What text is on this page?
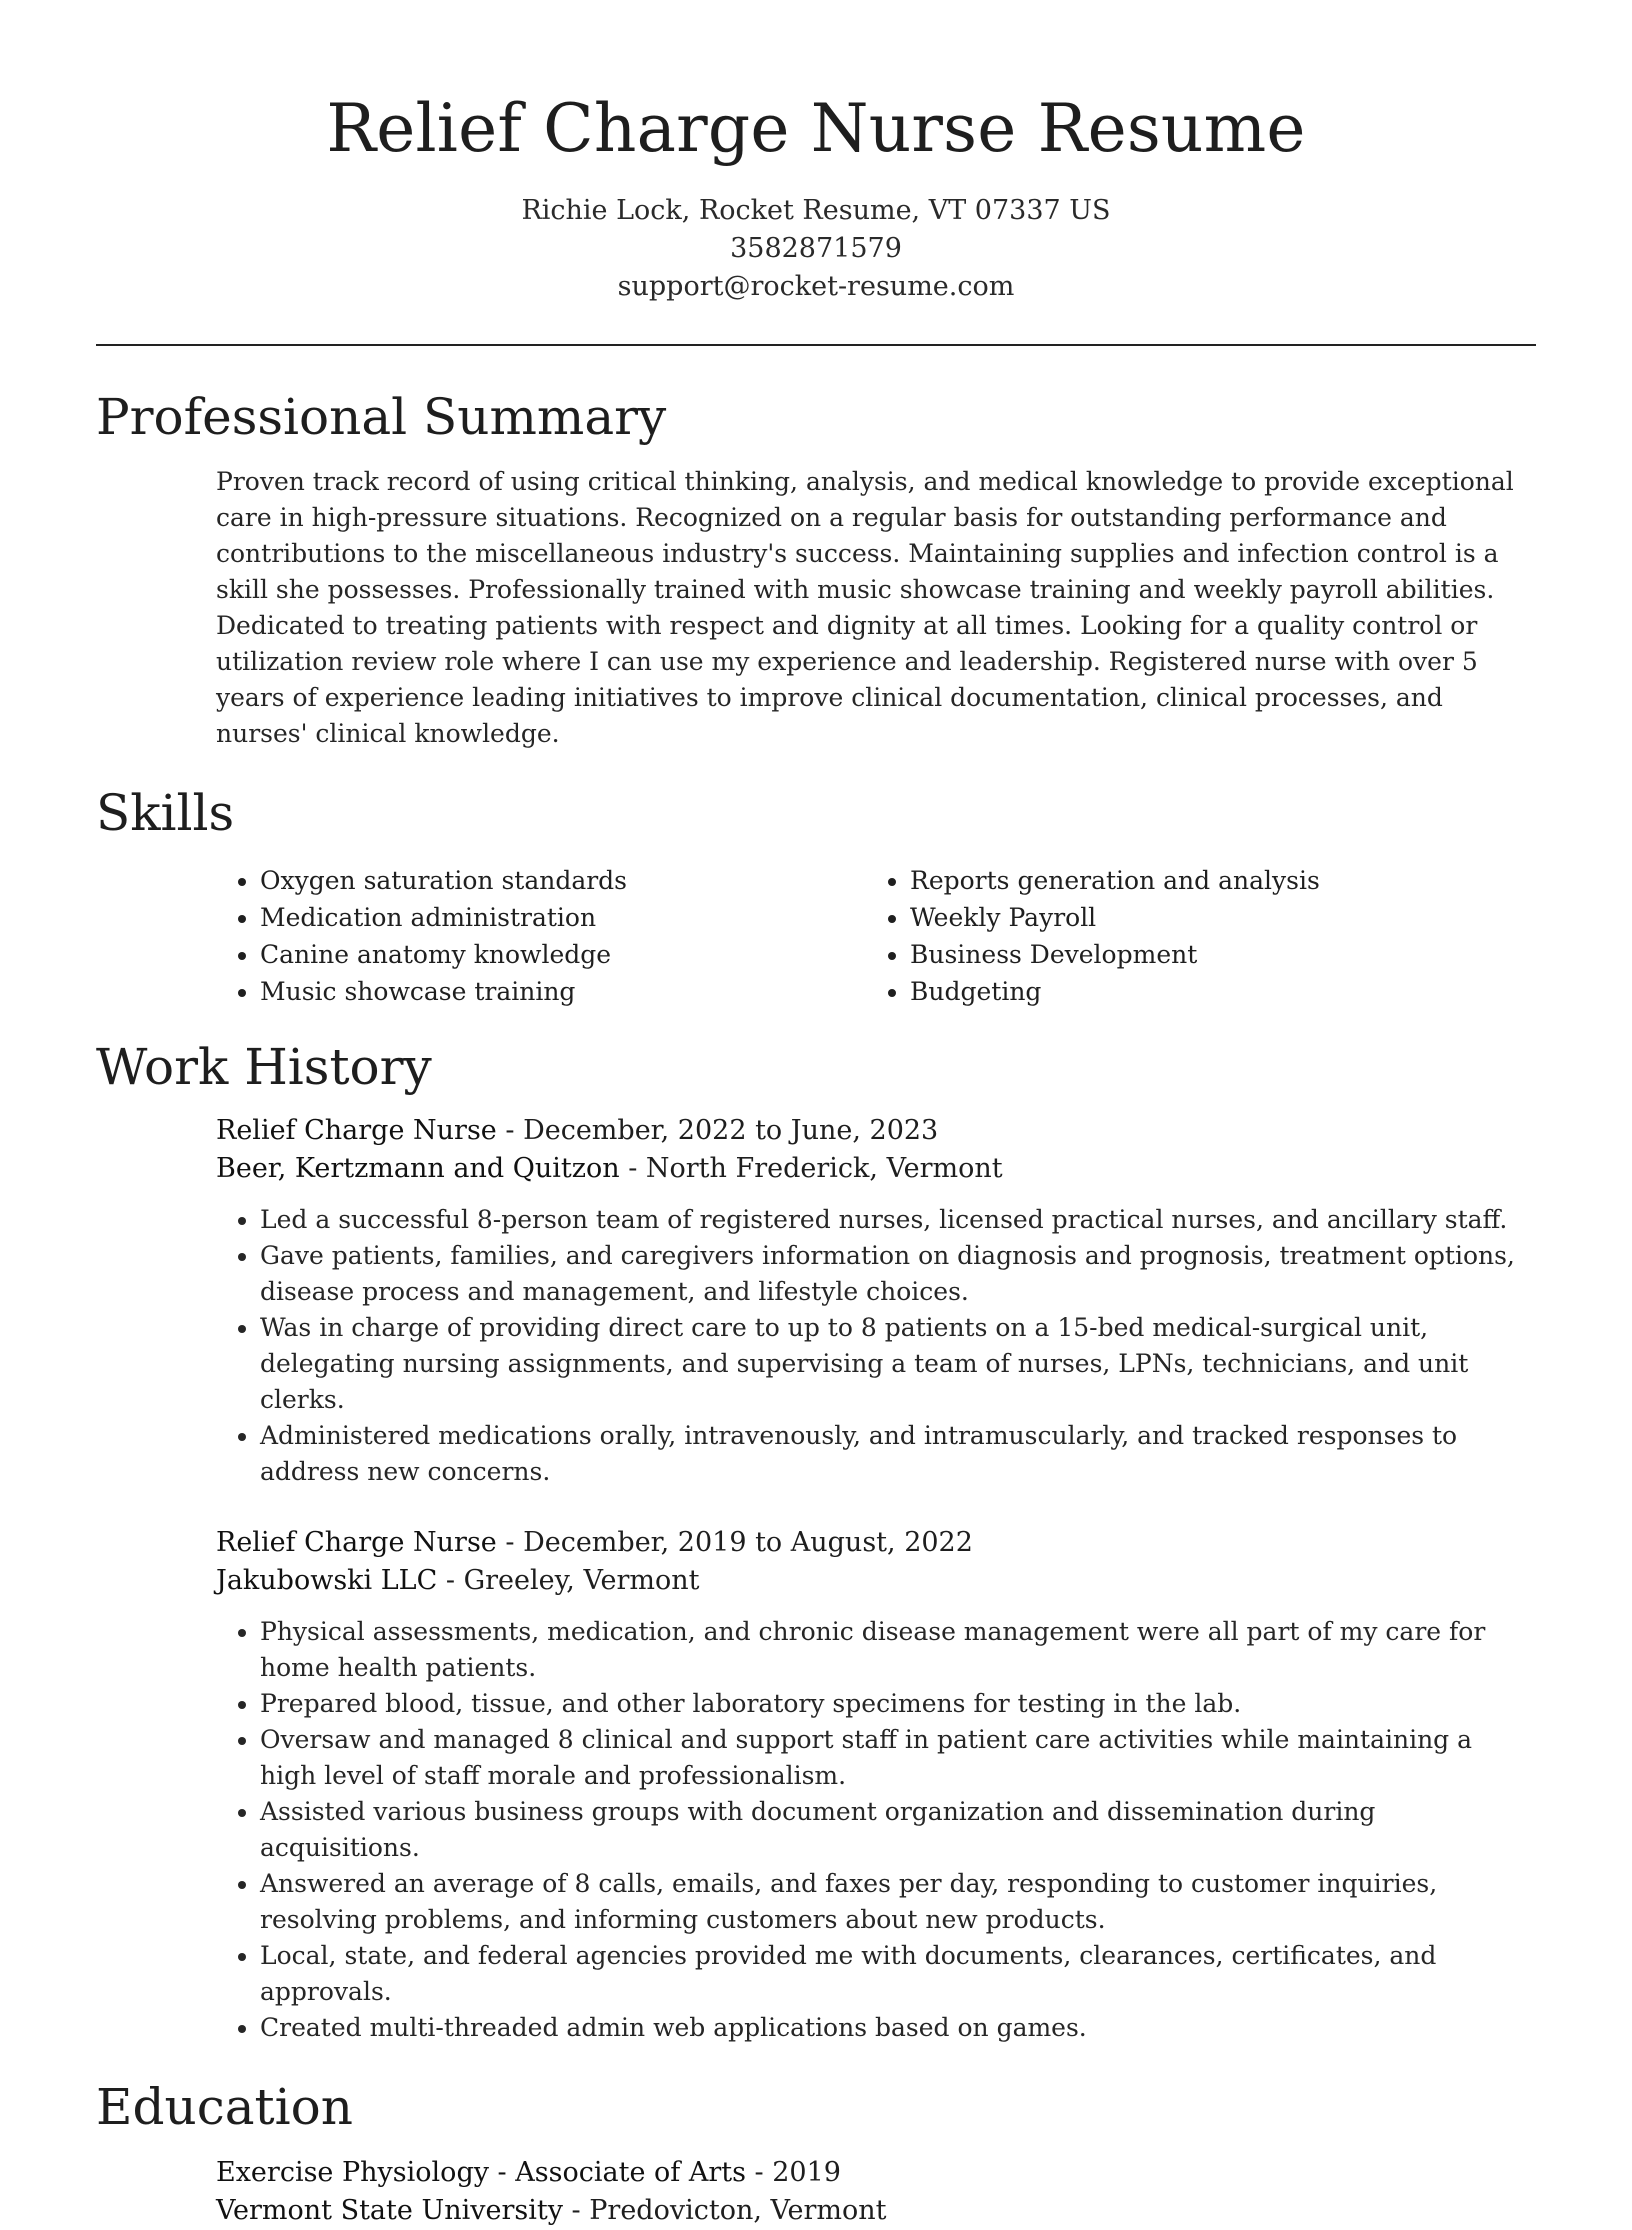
Relief Charge Nurse Resume
Richie Lock, Rocket Resume, VT 07337 US
3582871579
support@rocket-resume.com
Professional Summary

Proven track record of using critical thinking, analysis, and medical knowledge to provide exceptional care in high-pressure situations. Recognized on a regular basis for outstanding performance and contributions to the miscellaneous industry's success. Maintaining supplies and infection control is a skill she possesses. Professionally trained with music showcase training and weekly payroll abilities. Dedicated to treating patients with respect and dignity at all times. Looking for a quality control or utilization review role where I can use my experience and leadership. Registered nurse with over 5 years of experience leading initiatives to improve clinical documentation, clinical processes, and nurses' clinical knowledge.

Skills
• Oxygen saturation standards
• Medication administration
• Canine anatomy knowledge
• Music showcase training
• Reports generation and analysis
• Weekly Payroll
• Business Development
• Budgeting
Work History
Relief Charge Nurse - December, 2022 to June, 2023
Beer, Kertzmann and Quitzon - North Frederick, Vermont
• Led a successful 8-person team of registered nurses, licensed practical nurses, and ancillary staff.
• Gave patients, families, and caregivers information on diagnosis and prognosis, treatment options, disease process and management, and lifestyle choices.
• Was in charge of providing direct care to up to 8 patients on a 15-bed medical-surgical unit, delegating nursing assignments, and supervising a team of nurses, LPNs, technicians, and unit clerks.
• Administered medications orally, intravenously, and intramuscularly, and tracked responses to address new concerns.
Relief Charge Nurse - December, 2019 to August, 2022
Jakubowski LLC - Greeley, Vermont
• Physical assessments, medication, and chronic disease management were all part of my care for home health patients.
• Prepared blood, tissue, and other laboratory specimens for testing in the lab.
• Oversaw and managed 8 clinical and support staff in patient care activities while maintaining a high level of staff morale and professionalism.
• Assisted various business groups with document organization and dissemination during acquisitions.
• Answered an average of 8 calls, emails, and faxes per day, responding to customer inquiries, resolving problems, and informing customers about new products.
• Local, state, and federal agencies provided me with documents, clearances, certificates, and approvals.
• Created multi-threaded admin web applications based on games.
Education
Exercise Physiology - Associate of Arts - 2019
Vermont State University - Predovicton, Vermont
